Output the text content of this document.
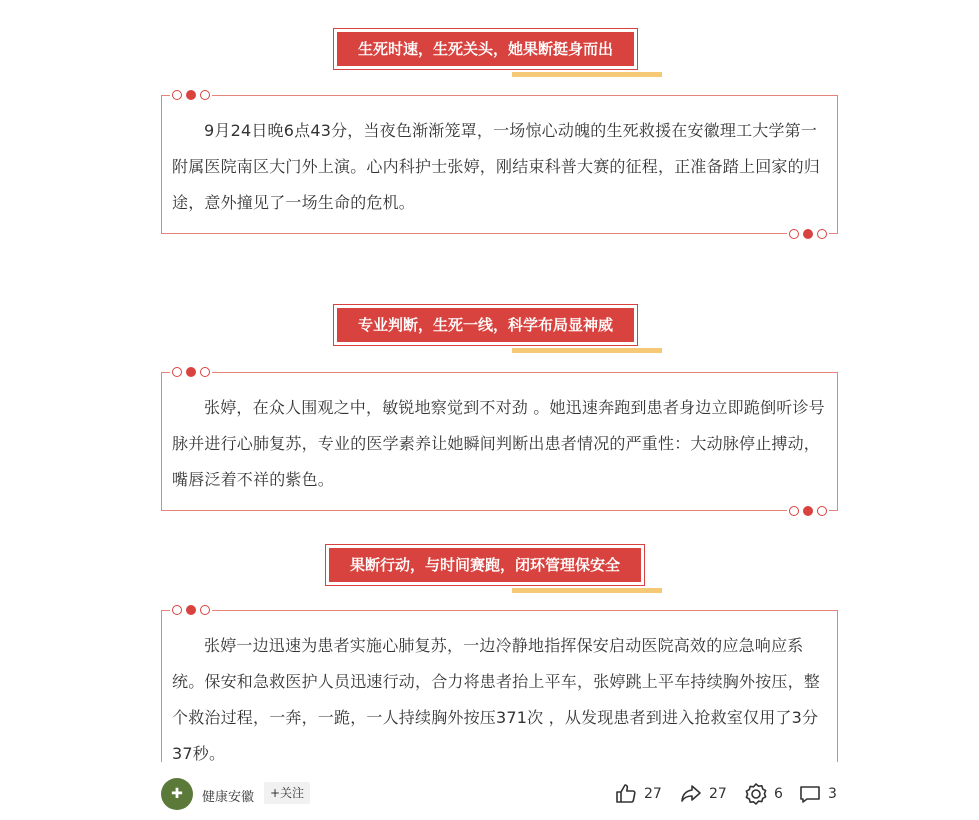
生死时速，生死关头，她果断挺身而出

9月24日晚6点43分，当夜色渐渐笼罩，一场惊心动魄的生死救援在安徽理工大学第一附属医院南区大门外上演。心内科护士张婷，刚结束科普大赛的征程，正准备踏上回家的归途，意外撞见了一场生命的危机。

专业判断，生死一线，科学布局显神威

张婷，在众人围观之中，敏锐地察觉到不对劲 。她迅速奔跑到患者身边立即跪倒听诊号脉并进行心肺复苏，专业的医学素养让她瞬间判断出患者情况的严重性：大动脉停止搏动，嘴唇泛着不祥的紫色。

果断行动，与时间赛跑，闭环管理保安全

张婷一边迅速为患者实施心肺复苏，一边冷静地指挥保安启动医院高效的应急响应系统。保安和急救医护人员迅速行动，合力将患者抬上平车，张婷跳上平车持续胸外按压，整个救治过程，一奔，一跪，一人持续胸外按压371次 ，从发现患者到进入抢救室仅用了3分37秒。

✚ 健康安徽	+关注	27	27	6	3
